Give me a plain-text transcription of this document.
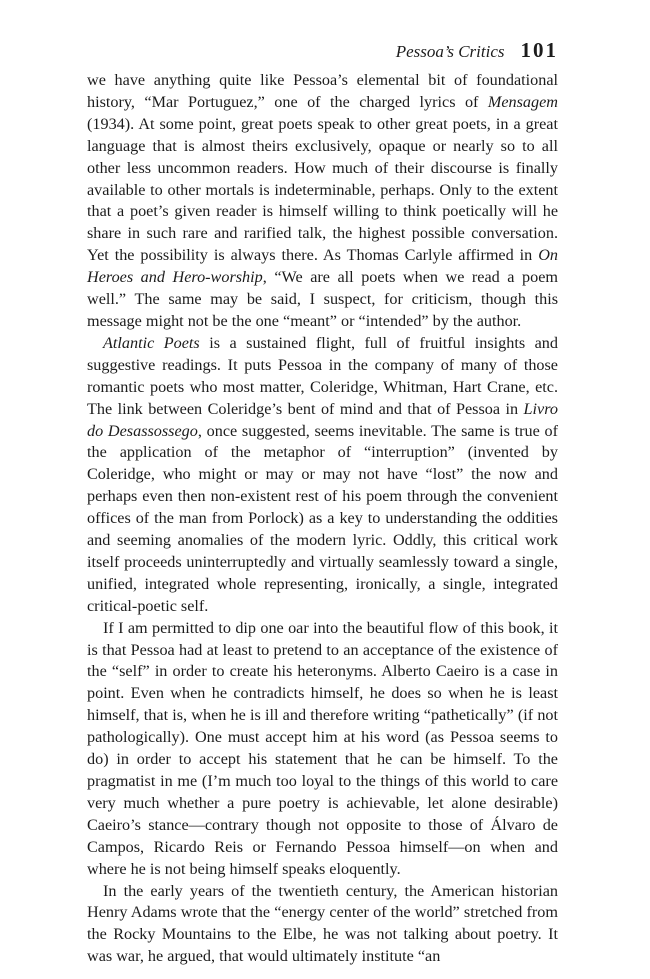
Pessoa’s Critics 101

we have anything quite like Pessoa’s elemental bit of foundational history, “Mar Portuguez,” one of the charged lyrics of Mensagem (1934). At some point, great poets speak to other great poets, in a great language that is almost theirs exclusively, opaque or nearly so to all other less uncommon readers. How much of their discourse is finally available to other mortals is indeterminable, perhaps. Only to the extent that a poet’s given reader is himself willing to think poetically will he share in such rare and rarified talk, the highest possible conversation. Yet the possibility is always there. As Thomas Carlyle affirmed in On Heroes and Hero-worship, “We are all poets when we read a poem well.” The same may be said, I suspect, for criticism, though this message might not be the one “meant” or “intended” by the author.

Atlantic Poets is a sustained flight, full of fruitful insights and suggestive readings. It puts Pessoa in the company of many of those romantic poets who most matter, Coleridge, Whitman, Hart Crane, etc. The link between Coleridge’s bent of mind and that of Pessoa in Livro do Desassossego, once suggested, seems inevitable. The same is true of the application of the metaphor of “interruption” (invented by Coleridge, who might or may or may not have “lost” the now and perhaps even then non-existent rest of his poem through the convenient offices of the man from Porlock) as a key to understanding the oddities and seeming anomalies of the modern lyric. Oddly, this critical work itself proceeds uninterruptedly and virtually seamlessly toward a single, unified, integrated whole representing, ironically, a single, integrated critical-poetic self.

If I am permitted to dip one oar into the beautiful flow of this book, it is that Pessoa had at least to pretend to an acceptance of the existence of the “self” in order to create his heteronyms. Alberto Caeiro is a case in point. Even when he contradicts himself, he does so when he is least himself, that is, when he is ill and therefore writing “pathetically” (if not pathologically). One must accept him at his word (as Pessoa seems to do) in order to accept his statement that he can be himself. To the pragmatist in me (I’m much too loyal to the things of this world to care very much whether a pure poetry is achievable, let alone desirable) Caeiro’s stance—contrary though not opposite to those of Álvaro de Campos, Ricardo Reis or Fernando Pessoa himself—on when and where he is not being himself speaks eloquently.

In the early years of the twentieth century, the American historian Henry Adams wrote that the “energy center of the world” stretched from the Rocky Mountains to the Elbe, he was not talking about poetry. It was war, he argued, that would ultimately institute “an
